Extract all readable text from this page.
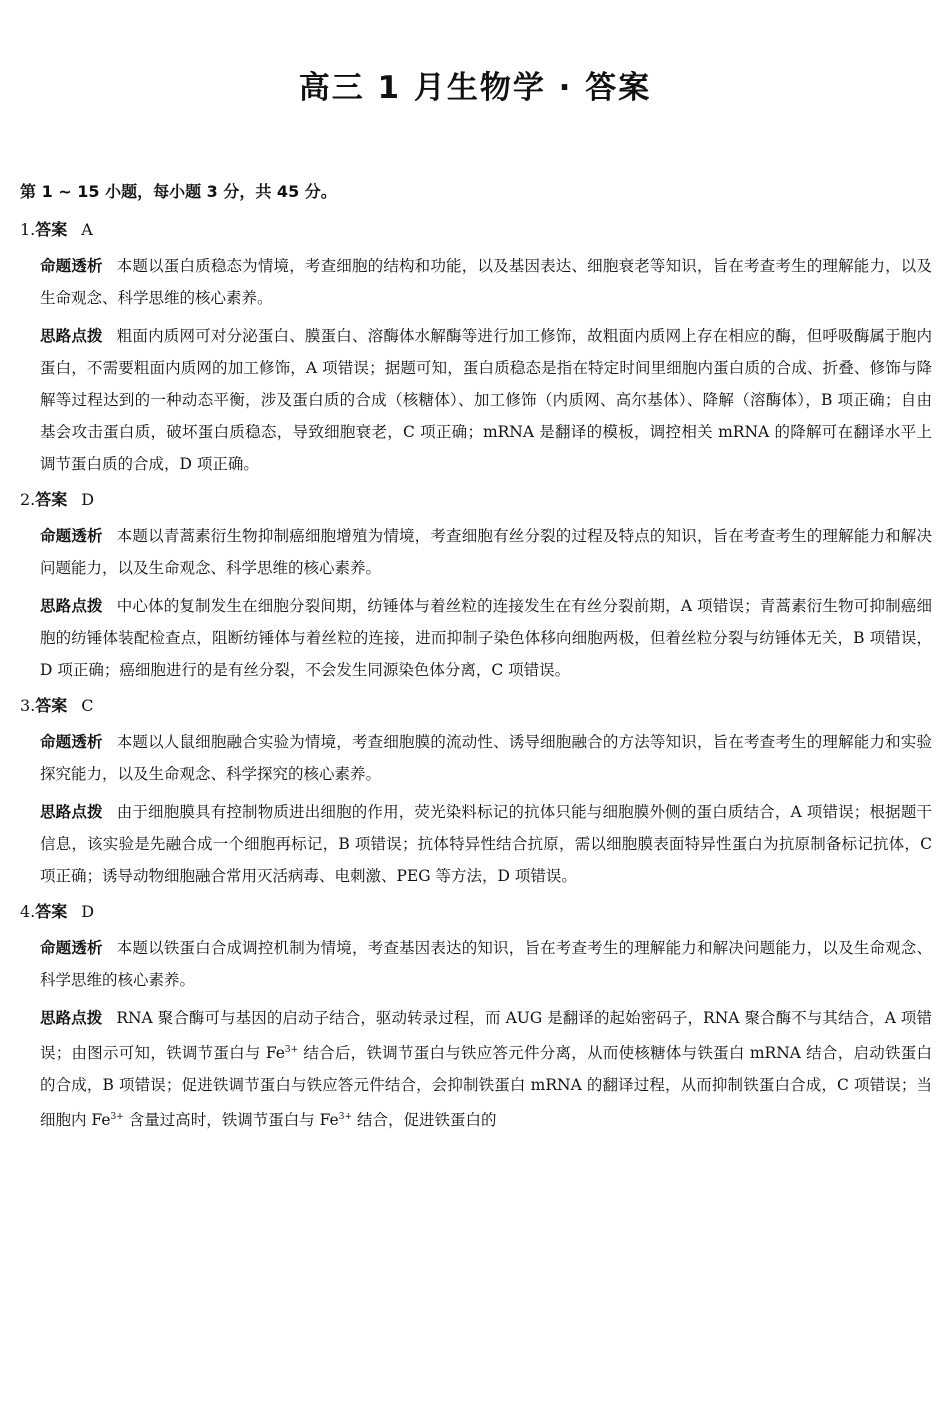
高三 1 月生物学 · 答案
第 1 ~ 15 小题，每小题 3 分，共 45 分。
1.答案 A
命题透析 本题以蛋白质稳态为情境，考查细胞的结构和功能，以及基因表达、细胞衰老等知识，旨在考查考生的理解能力，以及生命观念、科学思维的核心素养。
思路点拨 粗面内质网可对分泌蛋白、膜蛋白、溶酶体水解酶等进行加工修饰，故粗面内质网上存在相应的酶，但呼吸酶属于胞内蛋白，不需要粗面内质网的加工修饰，A 项错误；据题可知，蛋白质稳态是指在特定时间里细胞内蛋白质的合成、折叠、修饰与降解等过程达到的一种动态平衡，涉及蛋白质的合成（核糖体）、加工修饰（内质网、高尔基体）、降解（溶酶体），B 项正确；自由基会攻击蛋白质，破坏蛋白质稳态，导致细胞衰老，C 项正确；mRNA 是翻译的模板，调控相关 mRNA 的降解可在翻译水平上调节蛋白质的合成，D 项正确。
2.答案 D
命题透析 本题以青蒿素衍生物抑制癌细胞增殖为情境，考查细胞有丝分裂的过程及特点的知识，旨在考查考生的理解能力和解决问题能力，以及生命观念、科学思维的核心素养。
思路点拨 中心体的复制发生在细胞分裂间期，纺锤体与着丝粒的连接发生在有丝分裂前期，A 项错误；青蒿素衍生物可抑制癌细胞的纺锤体装配检查点，阻断纺锤体与着丝粒的连接，进而抑制子染色体移向细胞两极，但着丝粒分裂与纺锤体无关，B 项错误，D 项正确；癌细胞进行的是有丝分裂，不会发生同源染色体分离，C 项错误。
3.答案 C
命题透析 本题以人鼠细胞融合实验为情境，考查细胞膜的流动性、诱导细胞融合的方法等知识，旨在考查考生的理解能力和实验探究能力，以及生命观念、科学探究的核心素养。
思路点拨 由于细胞膜具有控制物质进出细胞的作用，荧光染料标记的抗体只能与细胞膜外侧的蛋白质结合，A 项错误；根据题干信息，该实验是先融合成一个细胞再标记，B 项错误；抗体特异性结合抗原，需以细胞膜表面特异性蛋白为抗原制备标记抗体，C 项正确；诱导动物细胞融合常用灭活病毒、电刺激、PEG 等方法，D 项错误。
4.答案 D
命题透析 本题以铁蛋白合成调控机制为情境，考查基因表达的知识，旨在考查考生的理解能力和解决问题能力，以及生命观念、科学思维的核心素养。
思路点拨 RNA 聚合酶可与基因的启动子结合，驱动转录过程，而 AUG 是翻译的起始密码子，RNA 聚合酶不与其结合，A 项错误；由图示可知，铁调节蛋白与 $Fe^{3+}$ 结合后，铁调节蛋白与铁应答元件分离，从而使核糖体与铁蛋白 mRNA 结合，启动铁蛋白的合成，B 项错误；促进铁调节蛋白与铁应答元件结合，会抑制铁蛋白 mRNA 的翻译过程，从而抑制铁蛋白合成，C 项错误；当细胞内 $Fe^{3+}$ 含量过高时，铁调节蛋白与 $Fe^{3+}$ 结合，促进铁蛋白的
